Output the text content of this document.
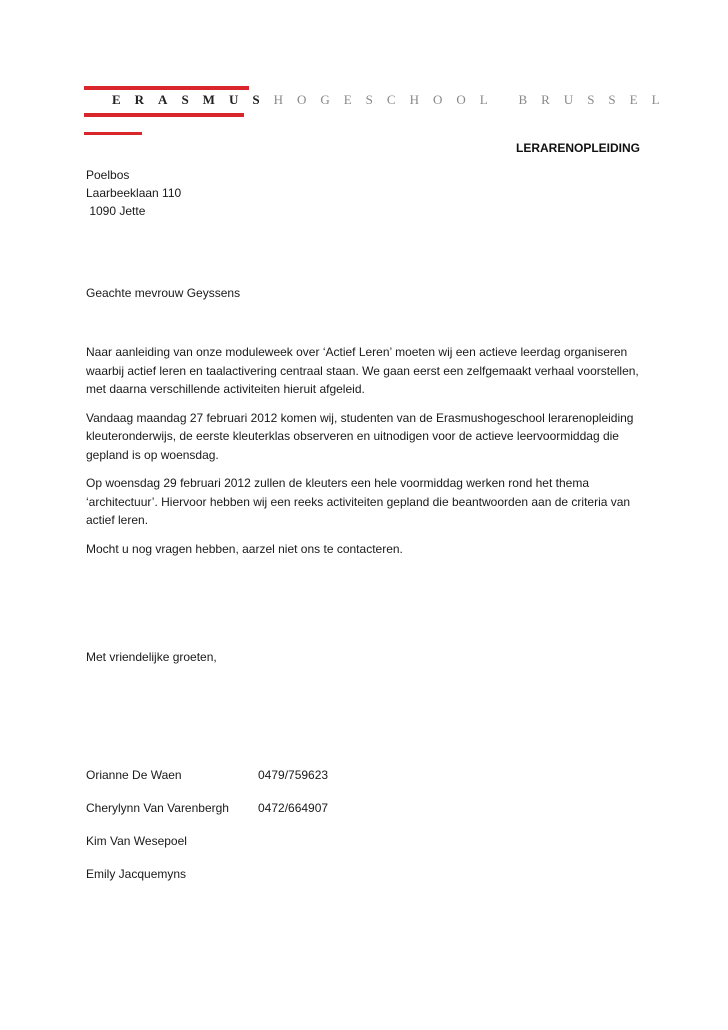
ERASMUSHOGESCHOOL BRUSSEL
LERARENOPLEIDING
Poelbos
Laarbeeklaan 110
1090 Jette
Geachte mevrouw Geyssens

Naar aanleiding van onze moduleweek over ‘Actief Leren’ moeten wij een actieve leerdag organiseren waarbij actief leren en taalactivering centraal staan. We gaan eerst een zelfgemaakt verhaal voorstellen, met daarna verschillende activiteiten hieruit afgeleid.

Vandaag maandag 27 februari 2012 komen wij, studenten van de Erasmushogeschool lerarenopleiding kleuteronderwijs, de eerste kleuterklas observeren en uitnodigen voor de actieve leervoormiddag die gepland is op woensdag.

Op woensdag 29 februari 2012 zullen de kleuters een hele voormiddag werken rond het thema ‘architectuur’. Hiervoor hebben wij een reeks activiteiten gepland die beantwoorden aan de criteria van actief leren.

Mocht u nog vragen hebben, aarzel niet ons te contacteren.

Met vriendelijke groeten,
Orianne De Waen	0479/759623
Cherylynn Van Varenbergh	0472/664907
Kim Van Wesepoel
Emily Jacquemyns
